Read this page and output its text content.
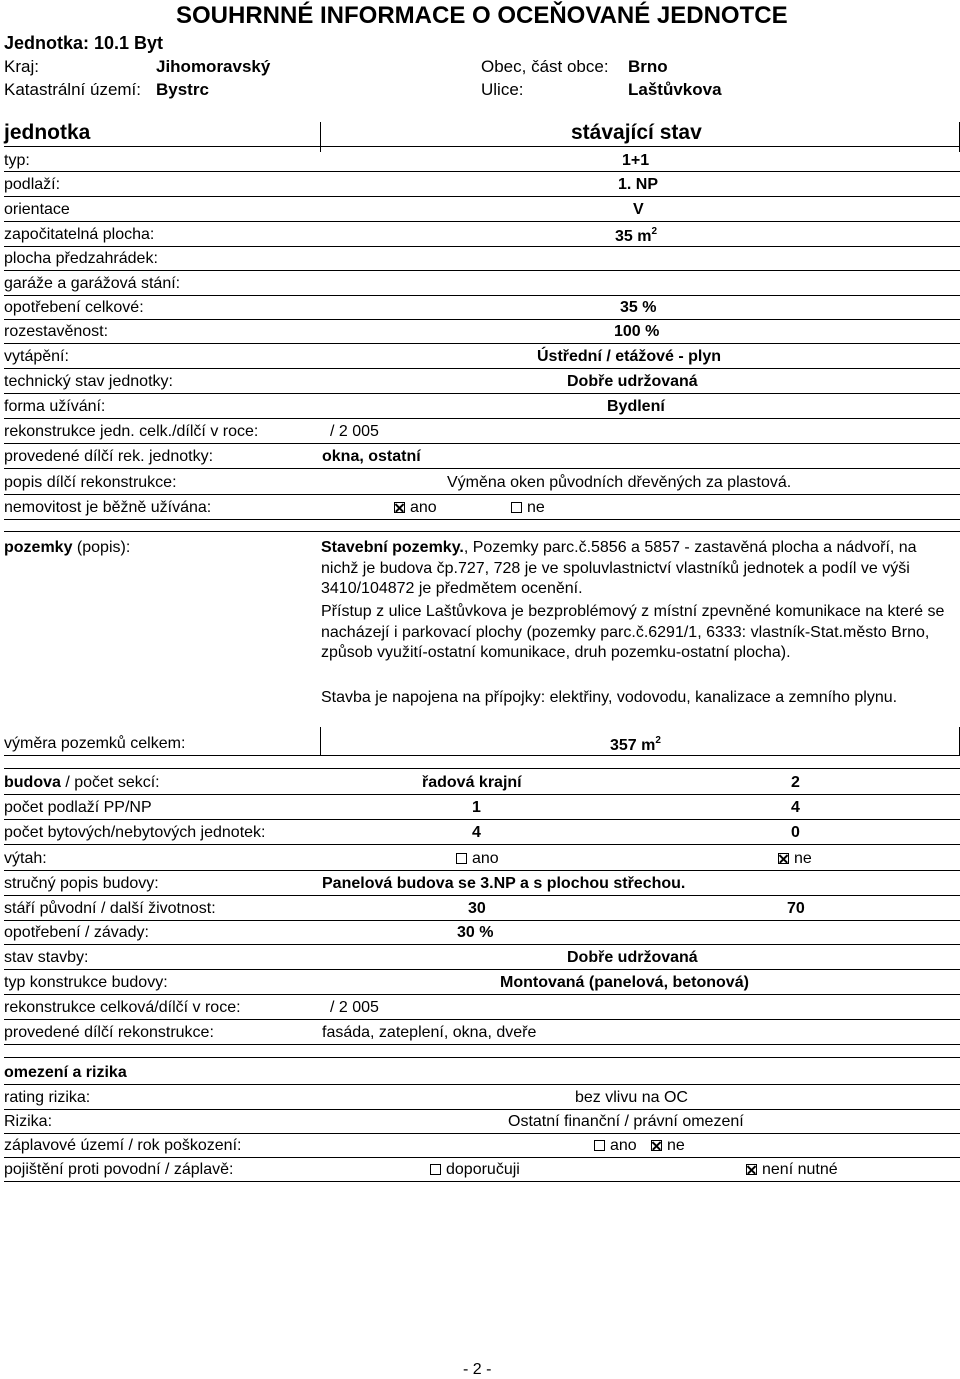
SOUHRNNÉ INFORMACE O OCEŇOVANÉ JEDNOTCE
Jednotka: 10.1 Byt
Kraj:	Jihomoravský	Obec, část obce: Brno
Katastrální území: Bystrc	Ulice:	Laštůvkova
jednotka	stávající stav
typ:	1+1
podlaží:	1. NP
orientace	V
započitatelná plocha:	35 $m^2$
plocha předzahrádek:
garáže a garážová stání:
opotřebení celkové:	35 %
rozestavěnost:	100 %
vytápění:	Ústřední / etážové - plyn
technický stav jednotky:	Dobře udržovaná
forma užívání:	Bydlení
rekonstrukce jedn. celk./dílčí v roce:	/ 2 005
provedené dílčí rek. jednotky:	okna, ostatní
popis dílčí rekonstrukce:	Výměna oken původních dřevěných za plastová.
nemovitost je běžně užívána:	ano	ne
pozemky (popis):	Stavební pozemky., Pozemky parc.č.5856 a 5857 - zastavěná plocha a nádvoří, na nichž je budova čp.727, 728 je ve spoluvlastnictví vlastníků jednotek a podíl ve výši 3410/104872 je předmětem ocenění.
Přístup z ulice Laštůvkova je bezproblémový z místní zpevněné komunikace na které se nacházejí i parkovací plochy (pozemky parc.č.6291/1, 6333: vlastník-Stat.město Brno, způsob využití-ostatní komunikace, druh pozemku-ostatní plocha).
Stavba je napojena na přípojky: elektřiny, vodovodu, kanalizace a zemního plynu.
výměra pozemků celkem:	357 $m^2$
budova / počet sekcí:	řadová krajní	2
počet podlaží PP/NP	1	4
počet bytových/nebytových jednotek:	4	0
výtah:	ano	ne
stručný popis budovy:	Panelová budova se 3.NP a s plochou střechou.
stáří původní / další životnost:	30	70
opotřebení / závady:	30 %
stav stavby:	Dobře udržovaná
typ konstrukce budovy:	Montovaná (panelová, betonová)
rekonstrukce celková/dílčí v roce:	/ 2 005
provedené dílčí rekonstrukce:	fasáda, zateplení, okna, dveře
omezení a rizika
rating rizika:	bez vlivu na OC
Rizika:	Ostatní finanční / právní omezení
záplavové území / rok poškození:	ano	ne
pojištění proti povodní / záplavě:	doporučuji	není nutné
- 2 -
